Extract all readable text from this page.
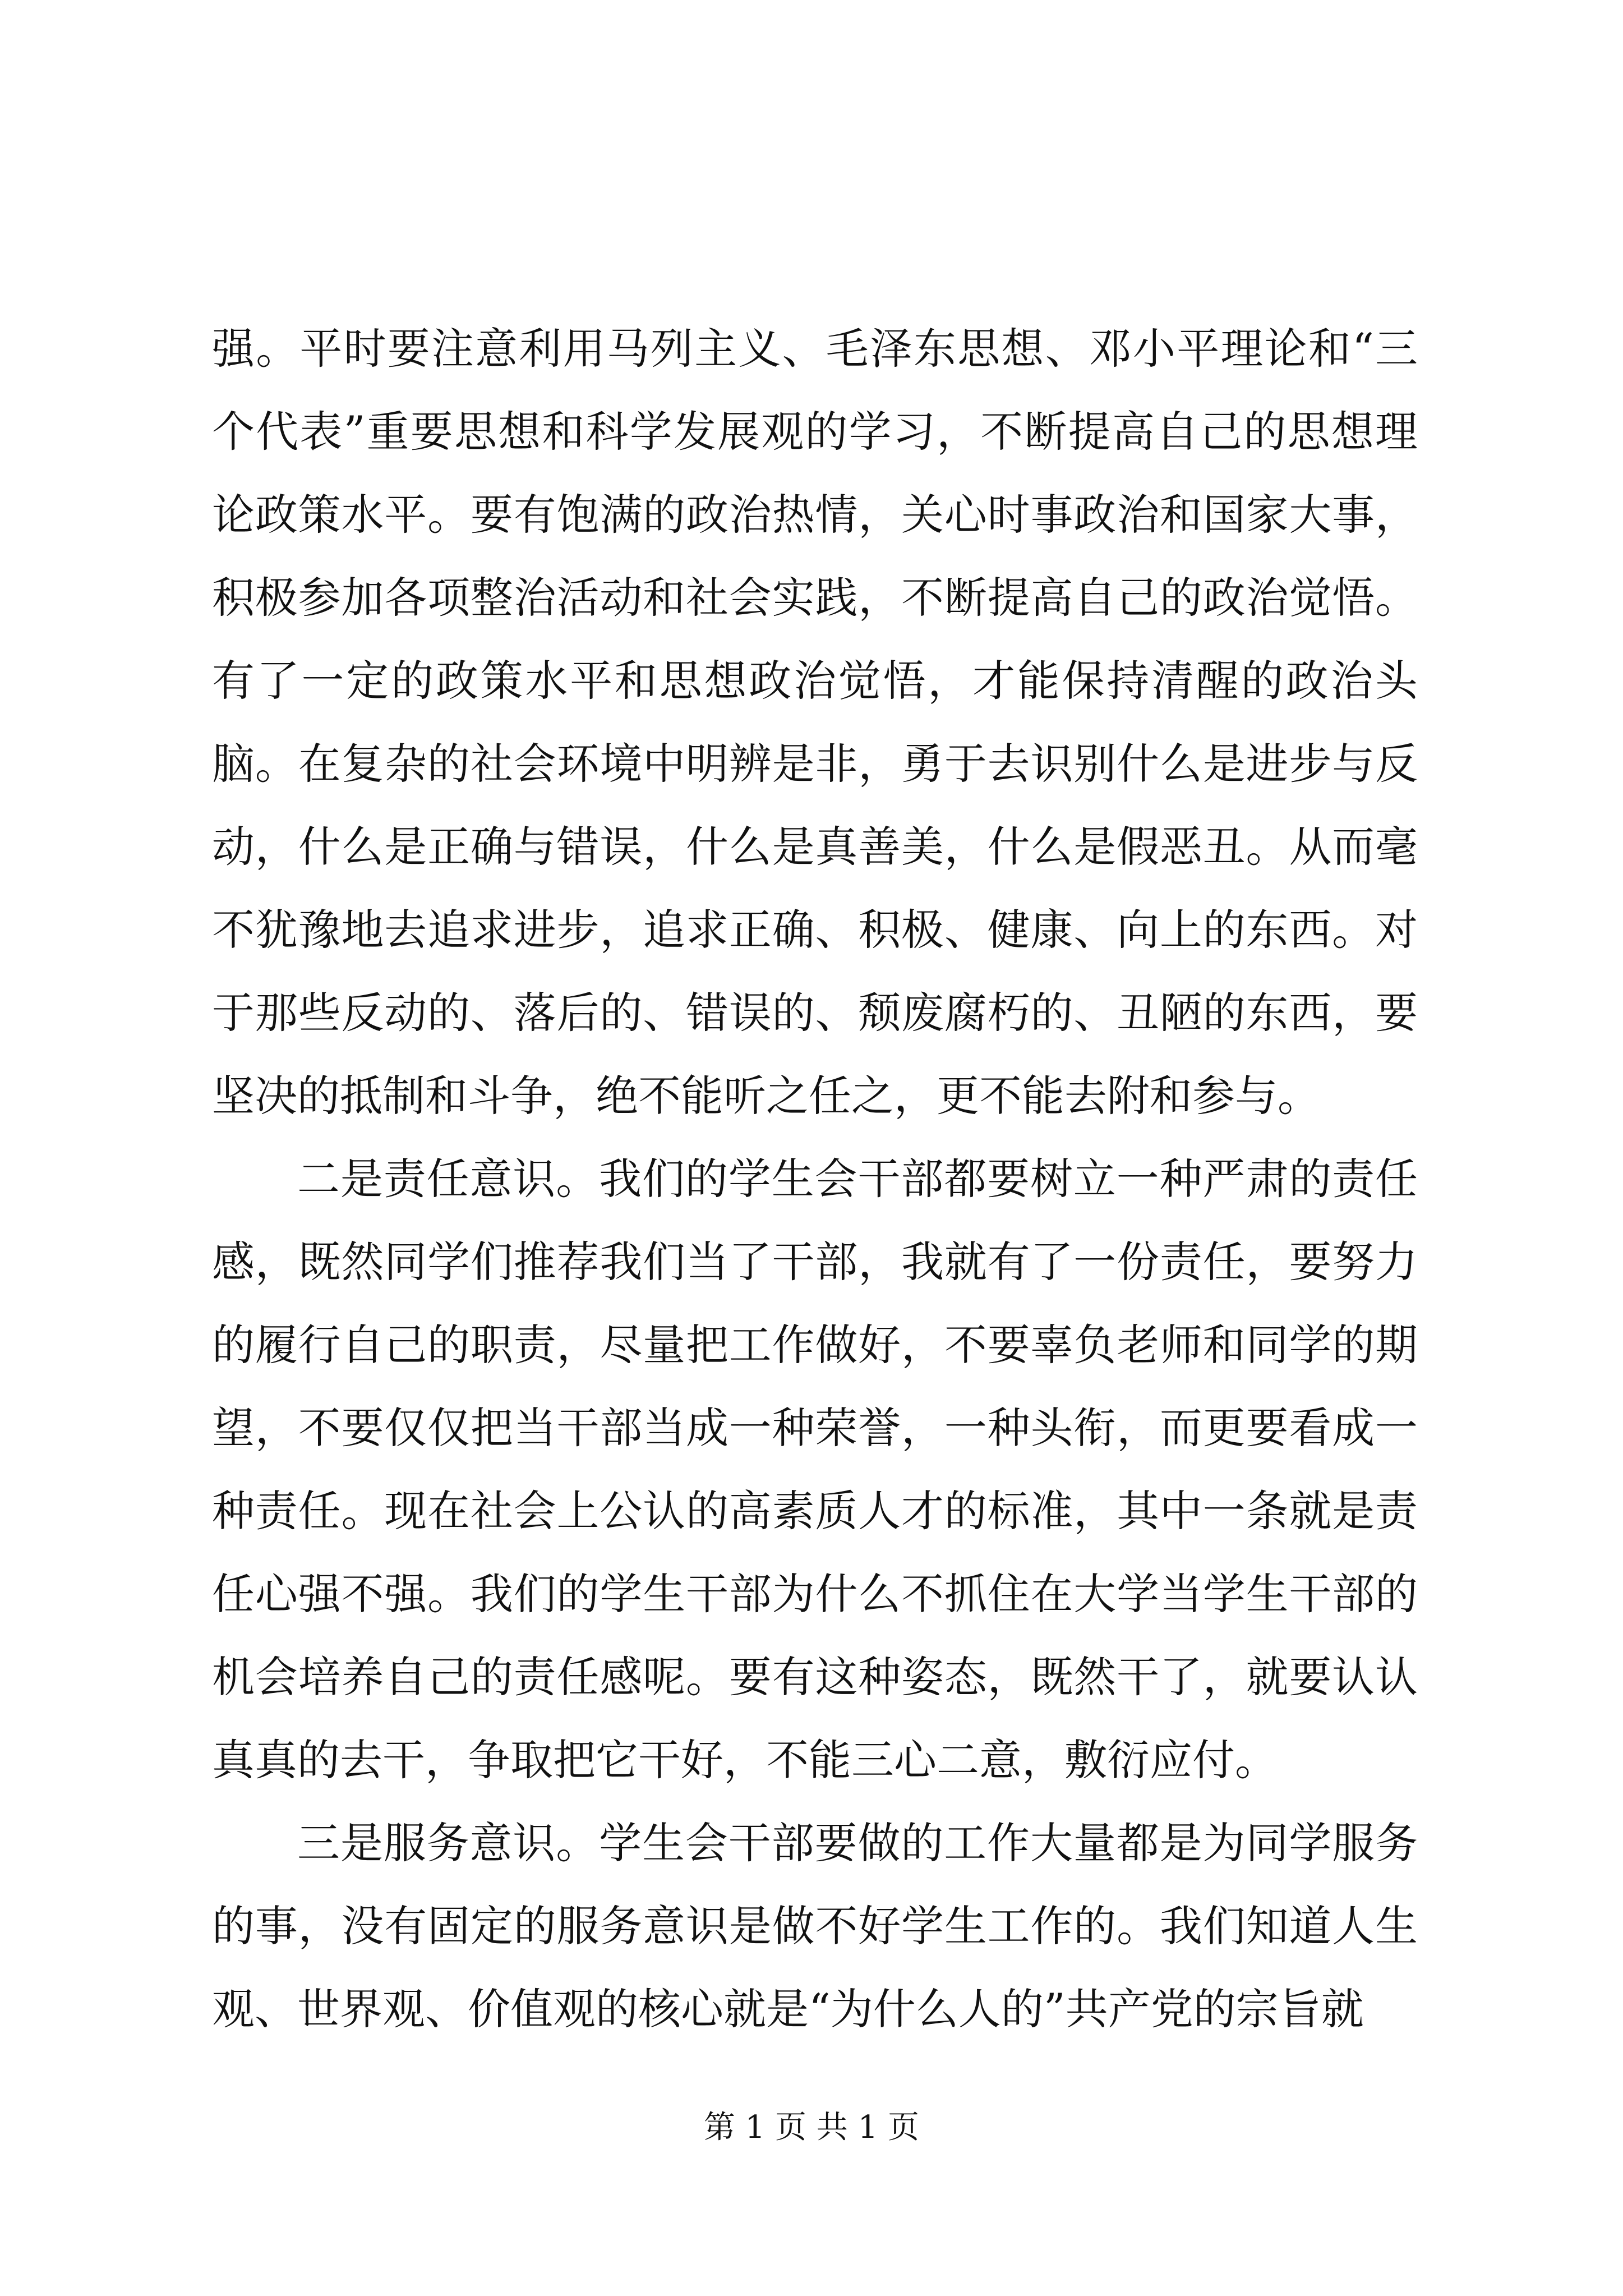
强。平时要注意利用马列主义、毛泽东思想、邓小平理论和“三个代表”重要思想和科学发展观的学习，不断提高自己的思想理论政策水平。要有饱满的政治热情，关心时事政治和国家大事，积极参加各项整治活动和社会实践，不断提高自己的政治觉悟。有了一定的政策水平和思想政治觉悟，才能保持清醒的政治头脑。在复杂的社会环境中明辨是非，勇于去识别什么是进步与反动，什么是正确与错误，什么是真善美，什么是假恶丑。从而毫不犹豫地去追求进步，追求正确、积极、健康、向上的东西。对于那些反动的、落后的、错误的、颓废腐朽的、丑陋的东西，要坚决的抵制和斗争，绝不能听之任之，更不能去附和参与。

二是责任意识。我们的学生会干部都要树立一种严肃的责任感，既然同学们推荐我们当了干部，我就有了一份责任，要努力的履行自己的职责，尽量把工作做好，不要辜负老师和同学的期望，不要仅仅把当干部当成一种荣誉，一种头衔，而更要看成一种责任。现在社会上公认的高素质人才的标准，其中一条就是责任心强不强。我们的学生干部为什么不抓住在大学当学生干部的机会培养自己的责任感呢。要有这种姿态，既然干了，就要认认真真的去干，争取把它干好，不能三心二意，敷衍应付。

三是服务意识。学生会干部要做的工作大量都是为同学服务的事，没有固定的服务意识是做不好学生工作的。我们知道人生观、世界观、价值观的核心就是“为什么人的”共产党的宗旨就

第 1 页 共 1 页
